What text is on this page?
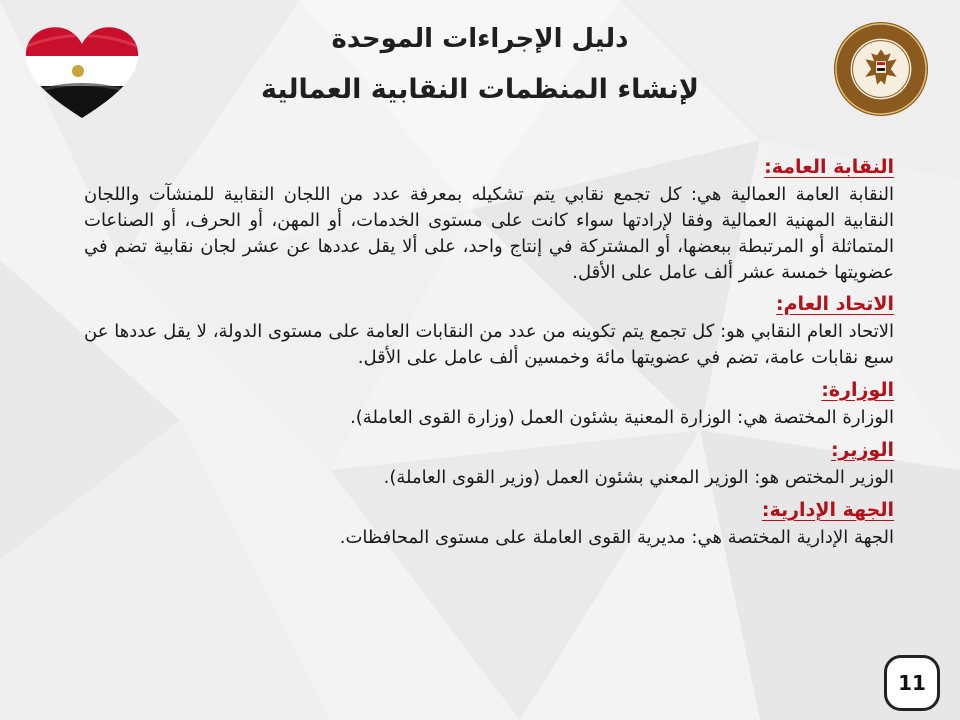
دليل الإجراءات الموحدة
لإنشاء المنظمات النقابية العمالية
النقابة العامة:
النقابة العامة العمالية هي: كل تجمع نقابي يتم تشكيله بمعرفة عدد من اللجان النقابية للمنشآت واللجان النقابية المهنية العمالية وفقا لإرادتها سواء كانت على مستوى الخدمات، أو المهن، أو الحرف، أو الصناعات المتماثلة أو المرتبطة ببعضها، أو المشتركة في إنتاج واحد، على ألا يقل عددها عن عشر لجان نقابية تضم في عضويتها خمسة عشر ألف عامل على الأقل.
الاتحاد العام:
الاتحاد العام النقابي هو: كل تجمع يتم تكوينه من عدد من النقابات العامة على مستوى الدولة، لا يقل عددها عن سبع نقابات عامة، تضم في عضويتها مائة وخمسين ألف عامل على الأقل.
الوزارة:
الوزارة المختصة هي: الوزارة المعنية بشئون العمل (وزارة القوى العاملة).
الوزير:
الوزير المختص هو: الوزير المعني بشئون العمل (وزير القوى العاملة).
الجهة الإدارية:
الجهة الإدارية المختصة هي: مديرية القوى العاملة على مستوى المحافظات.
11
